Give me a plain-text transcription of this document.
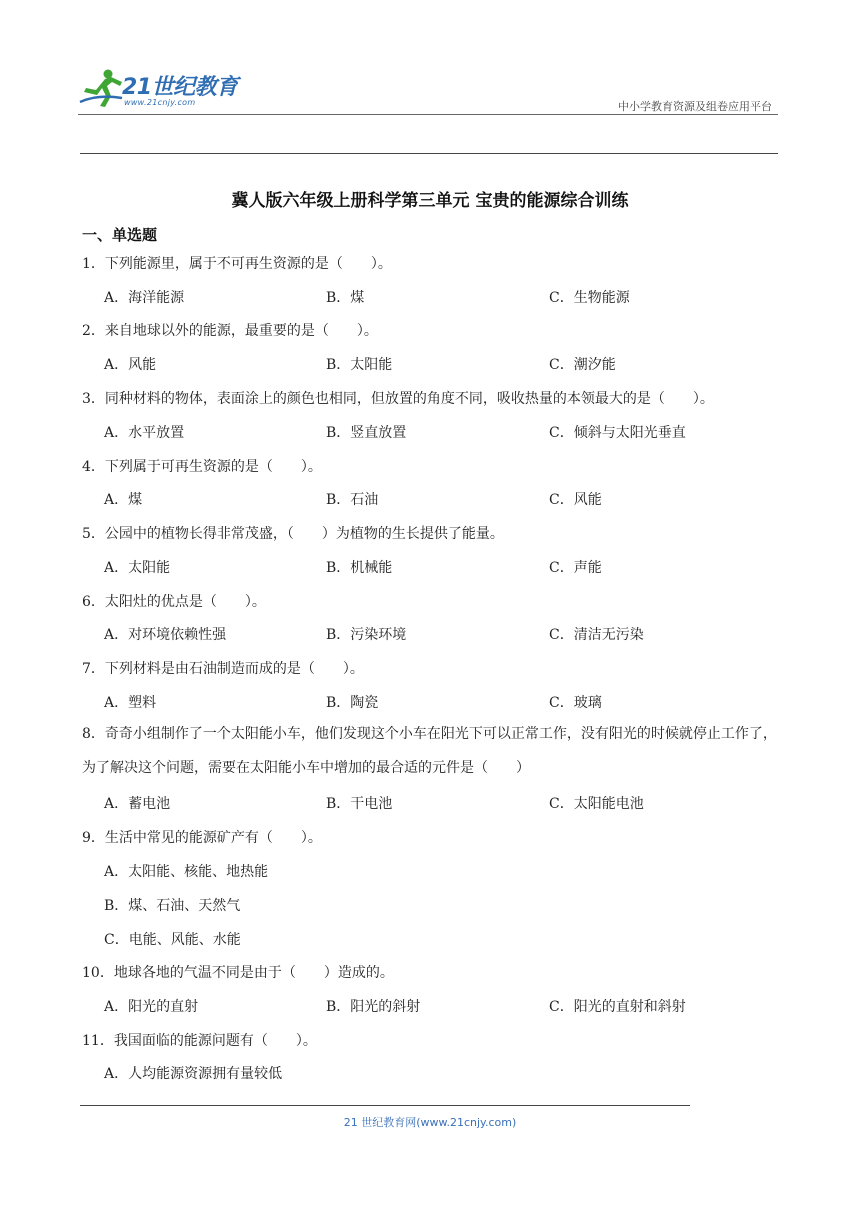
21世纪教育
www.21cnjy.com	中小学教育资源及组卷应用平台
冀人版六年级上册科学第三单元 宝贵的能源综合训练
一、单选题
1．下列能源里，属于不可再生资源的是（　　）。
A．海洋能源	B．煤	C．生物能源
2．来自地球以外的能源，最重要的是（　　）。
A．风能	B．太阳能	C．潮汐能
3．同种材料的物体，表面涂上的颜色也相同，但放置的角度不同，吸收热量的本领最大的是（　　）。
A．水平放置	B．竖直放置	C．倾斜与太阳光垂直
4．下列属于可再生资源的是（　　）。
A．煤	B．石油	C．风能
5．公园中的植物长得非常茂盛，（　　）为植物的生长提供了能量。
A．太阳能	B．机械能	C．声能
6．太阳灶的优点是（　　）。
A．对环境依赖性强	B．污染环境	C．清洁无污染
7．下列材料是由石油制造而成的是（　　）。
A．塑料	B．陶瓷	C．玻璃
8．奇奇小组制作了一个太阳能小车，他们发现这个小车在阳光下可以正常工作，没有阳光的时候就停止工作了，为了解决这个问题，需要在太阳能小车中增加的最合适的元件是（　　）
A．蓄电池	B．干电池	C．太阳能电池
9．生活中常见的能源矿产有（　　）。
A．太阳能、核能、地热能
B．煤、石油、天然气
C．电能、风能、水能
10．地球各地的气温不同是由于（　　）造成的。
A．阳光的直射	B．阳光的斜射	C．阳光的直射和斜射
11．我国面临的能源问题有（　　）。
A．人均能源资源拥有量较低
21 世纪教育网(www.21cnjy.com)
